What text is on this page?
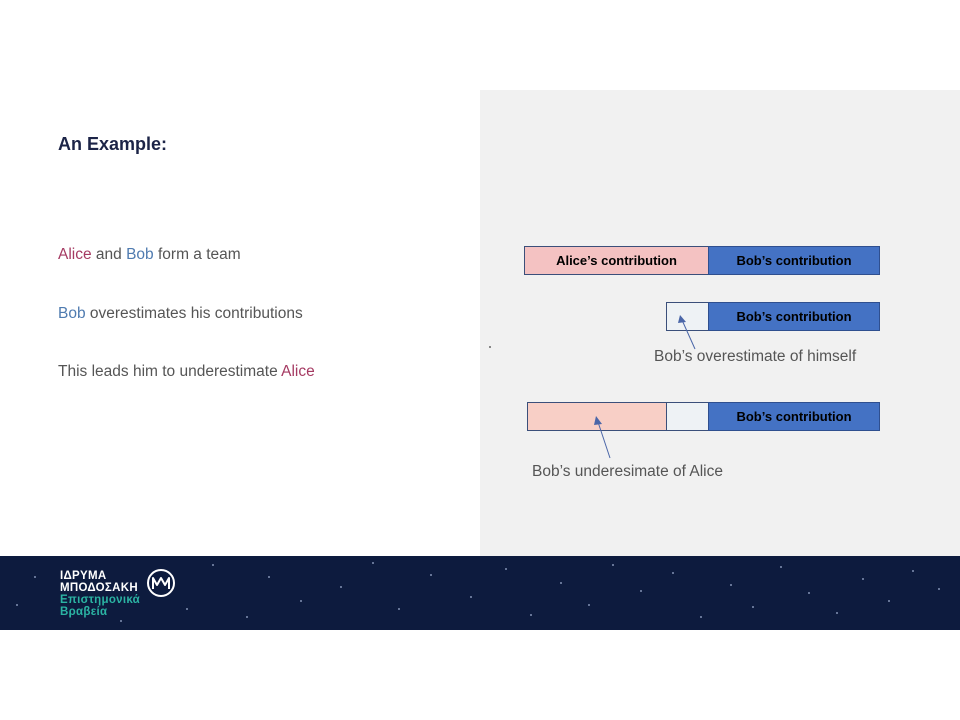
An Example:
Alice and Bob form a team
Bob overestimates his contributions
This leads him to underestimate Alice
Alice’s contribution	Bob’s contribution
Bob’s contribution
Bob’s overestimate of himself
Bob’s contribution
Bob’s underesimate of Alice
ΙΔΡΥΜΑ
ΜΠΟΔΟΣΑΚΗ
Επιστημονικά
Βραβεία
